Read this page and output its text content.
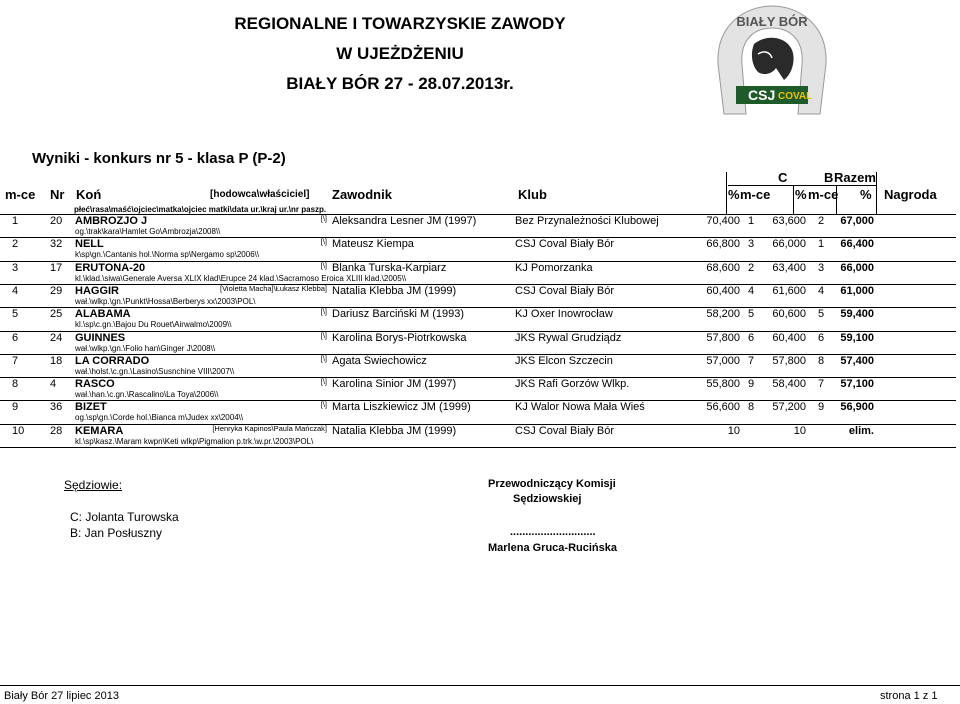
REGIONALNE I TOWARZYSKIE ZAWODY
W UJEŻDŻENIU
BIAŁY BÓR 27 - 28.07.2013r.
BIAŁY BÓR
CSJ COVAL
Wyniki - konkurs nr 5 - klasa P (P-2)
C	B Razem
m-ce Nr Koń	[hodowca\właściciel] Zawodnik	Klub	% m-ce % m-ce % Nagroda
płeć\rasa\maść\ojciec\matka\ojciec matki\data ur.\kraj ur.\nr paszp.
1	20 AMBROZJO J	[\] Aleksandra Lesner JM (1997)	Bez Przynależności Klubowej	70,400 1	63,600 2	67,000
og.\trak\kara\Hamlet Go\Ambrozja\2008\\
2	32 NELL	[\] Mateusz Kiempa	CSJ Coval Biały Bór	66,800 3	66,000 1	66,400
k\sp\gn.\Cantanis hol.\Norma sp\Nergamo sp\2006\\
3	17 ERUTONA-20	[\] Blanka Turska-Karpiarz	KJ Pomorzanka	68,600 2	63,400 3	66,000
kl.\klad.\siwa\Generale Aversa XLIX klad\Erupce 24 klad.\Sacramoso Eroica XLIII klad.\2005\\
4	29 HAGGIR	[Violetta Macha]\Łukasz Klebba] Natalia Klebba JM (1999)	CSJ Coval Biały Bór	60,400 4	61,600 4	61,000
wał.\wlkp.\gn.\Punkt\Hossa\Berberys xx\2003\POL\
5	25 ALABAMA	[\] Dariusz Barciński M (1993)	KJ Oxer Inowrocław	58,200 5	60,600 5	59,400
kl.\sp\c.gn.\Bajou Du Rouet\Airwalmo\2009\\
6	24 GUINNES	[\] Karolina Borys-Piotrkowska	JKS Rywal Grudziądz	57,800 6	60,400 6	59,100
wał.\wlkp.\gn.\Folio han\Ginger J\2008\\
7	18 LA CORRADO	[\] Agata Świechowicz	JKS Elcon Szczecin	57,000 7	57,800 8	57,400
wał.\holst.\c.gn.\Lasino\Susnchine VIII\2007\\
8	4 RASCO	[\] Karolina Sinior JM (1997)	JKS Rafi Gorzów Wlkp.	55,800 9	58,400 7	57,100
wał.\han.\c.gn.\Rascalino\La Toya\2006\\
9	36 BIZET	[\] Marta Liszkiewicz JM (1999)	KJ Walor Nowa Mała Wieś	56,600 8	57,200 9	56,900
og.\sp\gn.\Corde hol.\Bianca m\Judex xx\2004\\
10 28 KEMARA	[Henryka Kapinos\Paula Mańczak] Natalia Klebba JM (1999)	CSJ Coval Biały Bór	10	10	elim.
kl.\sp\kasz.\Maram kwpn\Keti wlkp\Pigmalion p.trk.\w.pr.\2003\POL\
Sędziowie:
C: Jolanta Turowska
B: Jan Posłuszny
Przewodniczący Komisji
Sędziowskiej
............................
Marlena Gruca-Rucińska
Biały Bór 27 lipiec 2013	strona 1 z 1
